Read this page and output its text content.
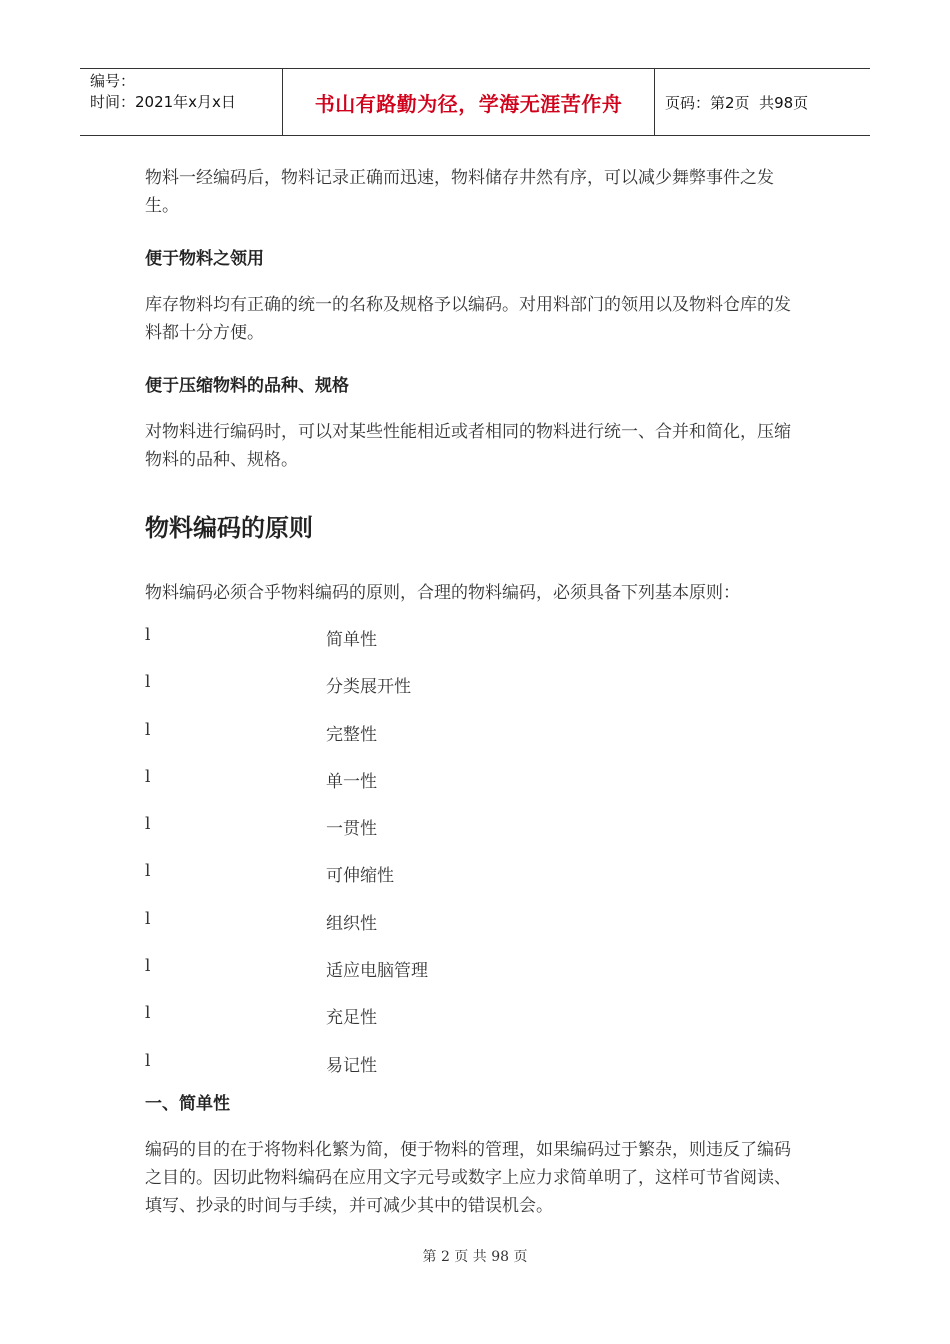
编号：
时间：2021年x月x日	书山有路勤为径，学海无涯苦作舟	页码：第2页  共98页

物料一经编码后，物料记录正确而迅速，物料储存井然有序，可以减少舞弊事件之发生。

便于物料之领用

库存物料均有正确的统一的名称及规格予以编码。对用料部门的领用以及物料仓库的发料都十分方便。

便于压缩物料的品种、规格

对物料进行编码时，可以对某些性能相近或者相同的物料进行统一、合并和简化，压缩物料的品种、规格。

物料编码的原则

物料编码必须合乎物料编码的原则，合理的物料编码，必须具备下列基本原则：

l	简单性
l	分类展开性
l	完整性
l	单一性
l	一贯性
l	可伸缩性
l	组织性
l	适应电脑管理
l	充足性
l	易记性

一、简单性

编码的目的在于将物料化繁为简，便于物料的管理，如果编码过于繁杂，则违反了编码之目的。因切此物料编码在应用文字元号或数字上应力求简单明了，这样可节省阅读、填写、抄录的时间与手续，并可减少其中的错误机会。

第 2 页 共 98 页
